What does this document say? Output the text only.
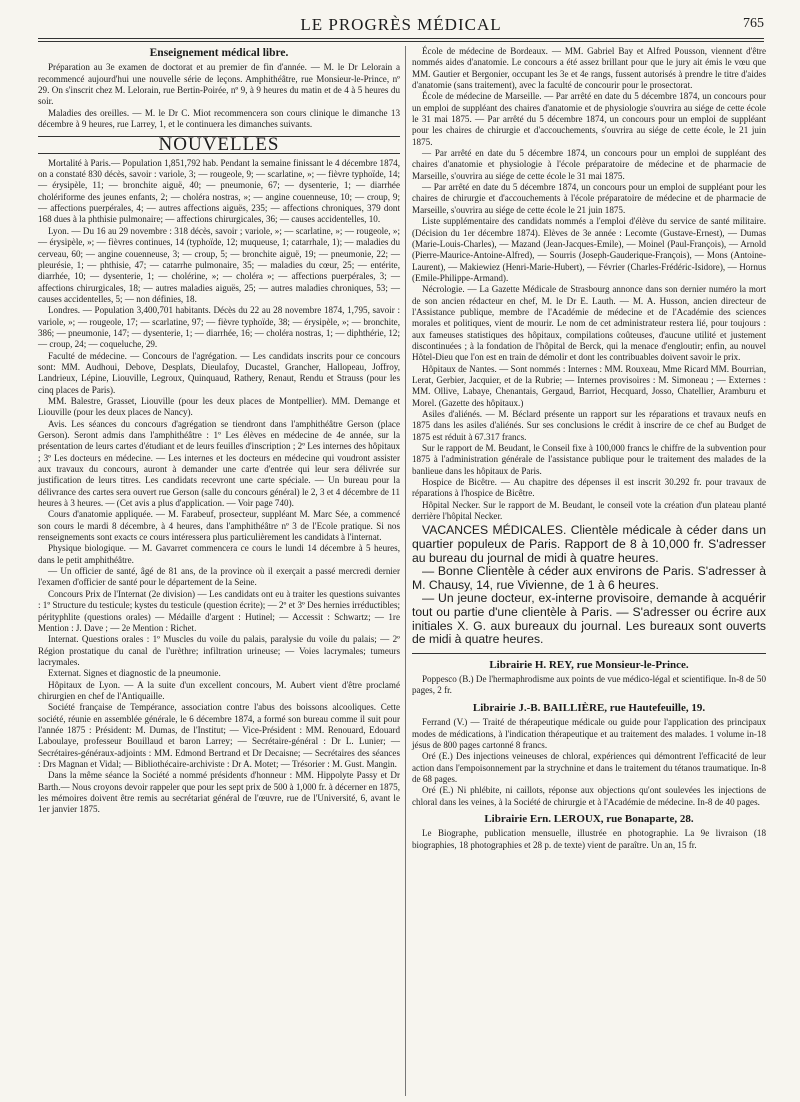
LE PROGRÈS MÉDICAL	765
Enseignement médical libre.

Préparation au 3e examen de doctorat et au premier de fin d'année. — M. le Dr Lelorain a recommencé aujourd'hui une nouvelle série de leçons. Amphithéâtre, rue Monsieur-le-Prince, nº 29. On s'inscrit chez M. Lelorain, rue Bertin-Poirée, nº 9, à 9 heures du matin et de 4 à 5 heures du soir.

Maladies des oreilles. — M. le Dr C. Miot recommencera son cours clinique le dimanche 13 décembre à 9 heures, rue Larrey, 1, et le continuera les dimanches suivants.

NOUVELLES

Mortalité à Paris.— Population 1,851,792 hab. Pendant la semaine finissant le 4 décembre 1874, on a constaté 830 décès, savoir : variole, 3; — rougeole, 9; — scarlatine, »; — fièvre typhoïde, 14; — érysipèle, 11; — bronchite aiguë, 40; — pneumonie, 67; — dysenterie, 1; — diarrhée cholériforme des jeunes enfants, 2; — choléra nostras, »; — angine couenneuse, 10; — croup, 9; — affections puerpérales, 4; — autres affections aiguës, 235; — affections chroniques, 379 dont 168 dues à la phthisie pulmonaire; — affections chirurgicales, 36; — causes accidentelles, 10.

Lyon. — Du 16 au 29 novembre : 318 décès, savoir ; variole, »; — scarlatine, »; — rougeole, »; — érysipèle, »; — fièvres continues, 14 (typhoïde, 12; muqueuse, 1; catarrhale, 1); — maladies du cerveau, 60; — angine couenneuse, 3; — croup, 5; — bronchite aiguë, 19; — pneumonie, 22; — pleurésie, 1; — phthisie, 47; — catarrhe pulmonaire, 35; — maladies du cœur, 25; — entérite, diarrhée, 10; — dysenterie, 1; — cholérine, »; — choléra »; — affections puerpérales, 3; — affections chirurgicales, 18; — autres maladies aiguës, 25; — autres maladies chroniques, 53; — causes accidentelles, 5; — non définies, 18.

Londres. — Population 3,400,701 habitants. Décès du 22 au 28 novembre 1874, 1,795, savoir : variole, »; — rougeole, 17; — scarlatine, 97; — fièvre typhoïde, 38; — érysipèle, »; — bronchite, 386; — pneumonie, 147; — dysenterie, 1; — diarrhée, 16; — choléra nostras, 1; — diphthérie, 12; — croup, 24; — coqueluche, 29.

Faculté de médecine. — Concours de l'agrégation. — Les candidats inscrits pour ce concours sont: MM. Audhoui, Debove, Desplats, Dieulafoy, Ducastel, Grancher, Hallopeau, Joffroy, Landrieux, Lépine, Liouville, Legroux, Quinquaud, Rathery, Renaut, Rendu et Strauss (pour les cinq places de Paris).

MM. Balestre, Grasset, Liouville (pour les deux places de Montpellier). MM. Demange et Liouville (pour les deux places de Nancy).

Avis. Les séances du concours d'agrégation se tiendront dans l'amphithéâtre Gerson (place Gerson). Seront admis dans l'amphithéâtre : 1º Les élèves en médecine de 4e année, sur la présentation de leurs cartes d'étudiant et de leurs feuilles d'inscription ; 2º Les internes des hôpitaux ; 3º Les docteurs en médecine. — Les internes et les docteurs en médecine qui voudront assister aux travaux du concours, auront à demander une carte d'entrée qui leur sera délivrée sur justification de leurs titres. Les candidats recevront une carte spéciale. — Un bureau pour la délivrance des cartes sera ouvert rue Gerson (salle du concours général) le 2, 3 et 4 décembre de 11 heures à 3 heures. — (Cet avis a plus d'application. — Voir page 740).

Cours d'anatomie appliquée. — M. Farabeuf, prosecteur, suppléant M. Marc Sée, a commencé son cours le mardi 8 décembre, à 4 heures, dans l'amphithéâtre nº 3 de l'Ecole pratique. Si nos renseignements sont exacts ce cours intéressera plus particulièrement les candidats à l'internat.

Physique biologique. — M. Gavarret commencera ce cours le lundi 14 décembre à 5 heures, dans le petit amphithéâtre.

— Un officier de santé, âgé de 81 ans, de la province où il exerçait a passé mercredi dernier l'examen d'officier de santé pour le département de la Seine.

Concours Prix de l'Internat (2e division) — Les candidats ont eu à traiter les questions suivantes : 1º Structure du testicule; kystes du testicule (question écrite); — 2º et 3º Des hernies irréductibles; pérityphlite (questions orales) — Médaille d'argent : Hutinel; — Accessit : Schwartz; — 1re Mention : J. Dave ; — 2e Mention : Richet.

Internat. Questions orales : 1º Muscles du voile du palais, paralysie du voile du palais; — 2º Région prostatique du canal de l'urèthre; infiltration urineuse; — Voies lacrymales; tumeurs lacrymales.

Externat. Signes et diagnostic de la pneumonie.

Hôpitaux de Lyon. — A la suite d'un excellent concours, M. Aubert vient d'être proclamé chirurgien en chef de l'Antiquaille.

Société française de Tempérance, association contre l'abus des boissons alcooliques. Cette société, réunie en assemblée générale, le 6 décembre 1874, a formé son bureau comme il suit pour l'année 1875 : Président: M. Dumas, de l'Institut; — Vice-Président : MM. Renouard, Edouard Laboulaye, professeur Bouillaud et baron Larrey; — Secrétaire-général : Dr L. Lunier; — Secrétaires-généraux-adjoints : MM. Edmond Bertrand et Dr Decaisne; — Secrétaires des séances : Drs Magnan et Vidal; — Bibliothécaire-archiviste : Dr A. Motet; — Trésorier : M. Gust. Mangin.

Dans la même séance la Société a nommé présidents d'honneur : MM. Hippolyte Passy et Dr Barth.— Nous croyons devoir rappeler que pour les sept prix de 500 à 1,000 fr. à décerner en 1875, les mémoires doivent être remis au secrétariat général de l'œuvre, rue de l'Université, 6, avant le 1er janvier 1875.

École de médecine de Bordeaux. — MM. Gabriel Bay et Alfred Pousson, viennent d'être nommés aides d'anatomie. Le concours a été assez brillant pour que le jury ait émis le vœu que MM. Gautier et Bergonier, occupant les 3e et 4e rangs, fussent autorisés à prendre le titre d'aides d'anatomie (sans traitement), avec la faculté de concourir pour le prosectorat.

École de médecine de Marseille. — Par arrêté en date du 5 décembre 1874, un concours pour un emploi de suppléant des chaires d'anatomie et de physiologie s'ouvrira au siége de cette école le 31 mai 1875. — Par arrêté du 5 décembre 1874, un concours pour un emploi de suppléant pour les chaires de chirurgie et d'accouchements, s'ouvrira au siége de cette école, le 21 juin 1875.

— Par arrêté en date du 5 décembre 1874, un concours pour un emploi de suppléant des chaires d'anatomie et physiologie à l'école préparatoire de médecine et de pharmacie de Marseille, s'ouvrira au siége de cette école le 31 mai 1875.

— Par arrêté en date du 5 décembre 1874, un concours pour un emploi de suppléant pour les chaires de chirurgie et d'accouchements à l'école préparatoire de médecine et de pharmacie de Marseille, s'ouvrira au siége de cette école le 21 juin 1875.

Liste supplémentaire des candidats nommés a l'emploi d'élève du service de santé militaire. (Décision du 1er décembre 1874). Elèves de 3e année : Lecomte (Gustave-Ernest), — Dumas (Marie-Louis-Charles), — Mazand (Jean-Jacques-Emile), — Moinel (Paul-François), — Arnold (Pierre-Maurice-Antoine-Alfred), — Sourris (Joseph-Gauderique-François), — Mons (Antoine-Laurent), — Makiewiez (Henri-Marie-Hubert), — Février (Charles-Frédéric-Isidore), — Hornus (Emile-Philippe-Armand).

Nécrologie. — La Gazette Médicale de Strasbourg annonce dans son dernier numéro la mort de son ancien rédacteur en chef, M. le Dr E. Lauth. — M. A. Husson, ancien directeur de l'Assistance publique, membre de l'Académie de médecine et de l'Académie des sciences morales et politiques, vient de mourir. Le nom de cet administrateur restera lié, pour toujours : aux fameuses statistiques des hôpitaux, compilations coûteuses, d'aucune utilité et justement discontinuées ; à la fondation de l'hôpital de Berck, qui la menace d'engloutir; enfin, au nouvel Hôtel-Dieu que l'on est en train de démolir et dont les contribuables doivent savoir le prix.

Hôpitaux de Nantes. — Sont nommés : Internes : MM. Rouxeau, Mme Ricard MM. Bourrian, Lerat, Gerbier, Jacquier, et de la Rubrie; — Internes provisoires : M. Simoneau ; — Externes : MM. Ollive, Labaye, Chenantais, Gergaud, Barriot, Hecquard, Josso, Chatellier, Aramburu et Morel. (Gazette des hôpitaux.)

Asiles d'aliénés. — M. Béclard présente un rapport sur les réparations et travaux neufs en 1875 dans les asiles d'aliénés. Sur ses conclusions le crédit à inscrire de ce chef au Budget de 1875 est réduit à 67.317 francs.

Sur le rapport de M. Beudant, le Conseil fixe à 100,000 francs le chiffre de la subvention pour 1875 à l'administration générale de l'assistance publique pour le traitement des malades de la banlieue dans les hôpitaux de Paris.

Hospice de Bicêtre. — Au chapitre des dépenses il est inscrit 30.292 fr. pour travaux de réparations à l'hospice de Bicêtre.

Hôpital Necker. Sur le rapport de M. Beudant, le conseil vote la création d'un plateau planté derrière l'hôpital Necker.

VACANCES MÉDICALES. Clientèle médicale à céder dans un quartier populeux de Paris. Rapport de 8 à 10,000 fr. S'adresser au bureau du journal de midi à quatre heures.

— Bonne Clientèle à céder aux environs de Paris. S'adresser à M. Chausy, 14, rue Vivienne, de 1 à 6 heures.

— Un jeune docteur, ex-interne provisoire, demande à acquérir tout ou partie d'une clientèle à Paris. — S'adresser ou écrire aux initiales X. G. aux bureaux du journal. Les bureaux sont ouverts de midi à quatre heures.

Librairie H. REY, rue Monsieur-le-Prince.

Poppesco (B.) De l'hermaphrodisme aux points de vue médico-légal et scientifique. In-8 de 50 pages, 2 fr.

Librairie J.-B. BAILLIÈRE, rue Hautefeuille, 19.

Ferrand (V.) — Traité de thérapeutique médicale ou guide pour l'application des principaux modes de médications, à l'indication thérapeutique et au traitement des malades. 1 volume in-18 jésus de 800 pages cartonné 8 francs.

Oré (E.) Des injections veineuses de chloral, expériences qui démontrent l'efficacité de leur action dans l'empoisonnement par la strychnine et dans le traitement du tétanos traumatique. In-8 de 68 pages.

Oré (E.) Ni phlébite, ni caillots, réponse aux objections qu'ont soulevées les injections de chloral dans les veines, à la Société de chirurgie et à l'Académie de médecine. In-8 de 40 pages.

Librairie Ern. LEROUX, rue Bonaparte, 28.

Le Biographe, publication mensuelle, illustrée en photographie. La 9e livraison (18 biographies, 18 photographies et 28 p. de texte) vient de paraître. Un an, 15 fr.
